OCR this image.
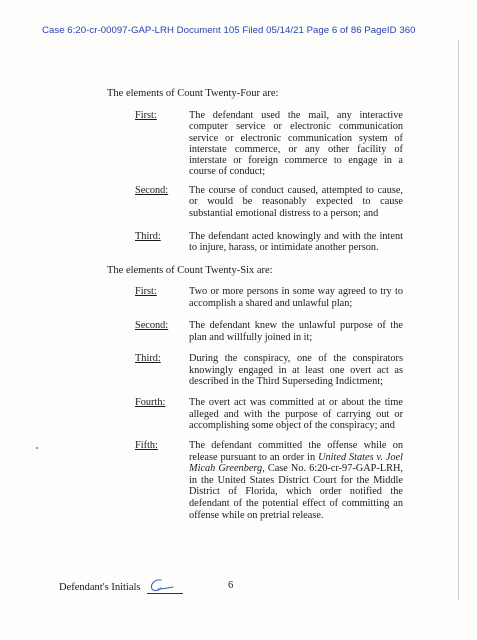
Case 6:20-cr-00097-GAP-LRH Document 105 Filed 05/14/21 Page 6 of 86 PageID 360
The elements of Count Twenty-Four are:
First:	The defendant used the mail, any interactive computer service or electronic communication service or electronic communication system of interstate commerce, or any other facility of interstate or foreign commerce to engage in a course of conduct;
Second: The course of conduct caused, attempted to cause, or would be reasonably expected to cause substantial emotional distress to a person; and
Third:	The defendant acted knowingly and with the intent to injure, harass, or intimidate another person.
The elements of Count Twenty-Six are:
First:	Two or more persons in some way agreed to try to accomplish a shared and unlawful plan;
Second: The defendant knew the unlawful purpose of the plan and willfully joined in it;
Third:	During the conspiracy, one of the conspirators knowingly engaged in at least one overt act as described in the Third Superseding Indictment;
Fourth: The overt act was committed at or about the time alleged and with the purpose of carrying out or accomplishing some object of the conspiracy; and
Fifth:	The defendant committed the offense while on release pursuant to an order in United States v. Joel Micah Greenberg, Case No. 6:20-cr-97-GAP-LRH, in the United States District Court for the Middle District of Florida, which order notified the defendant of the potential effect of committing an offense while on pretrial release.
Defendant's Initials	6
